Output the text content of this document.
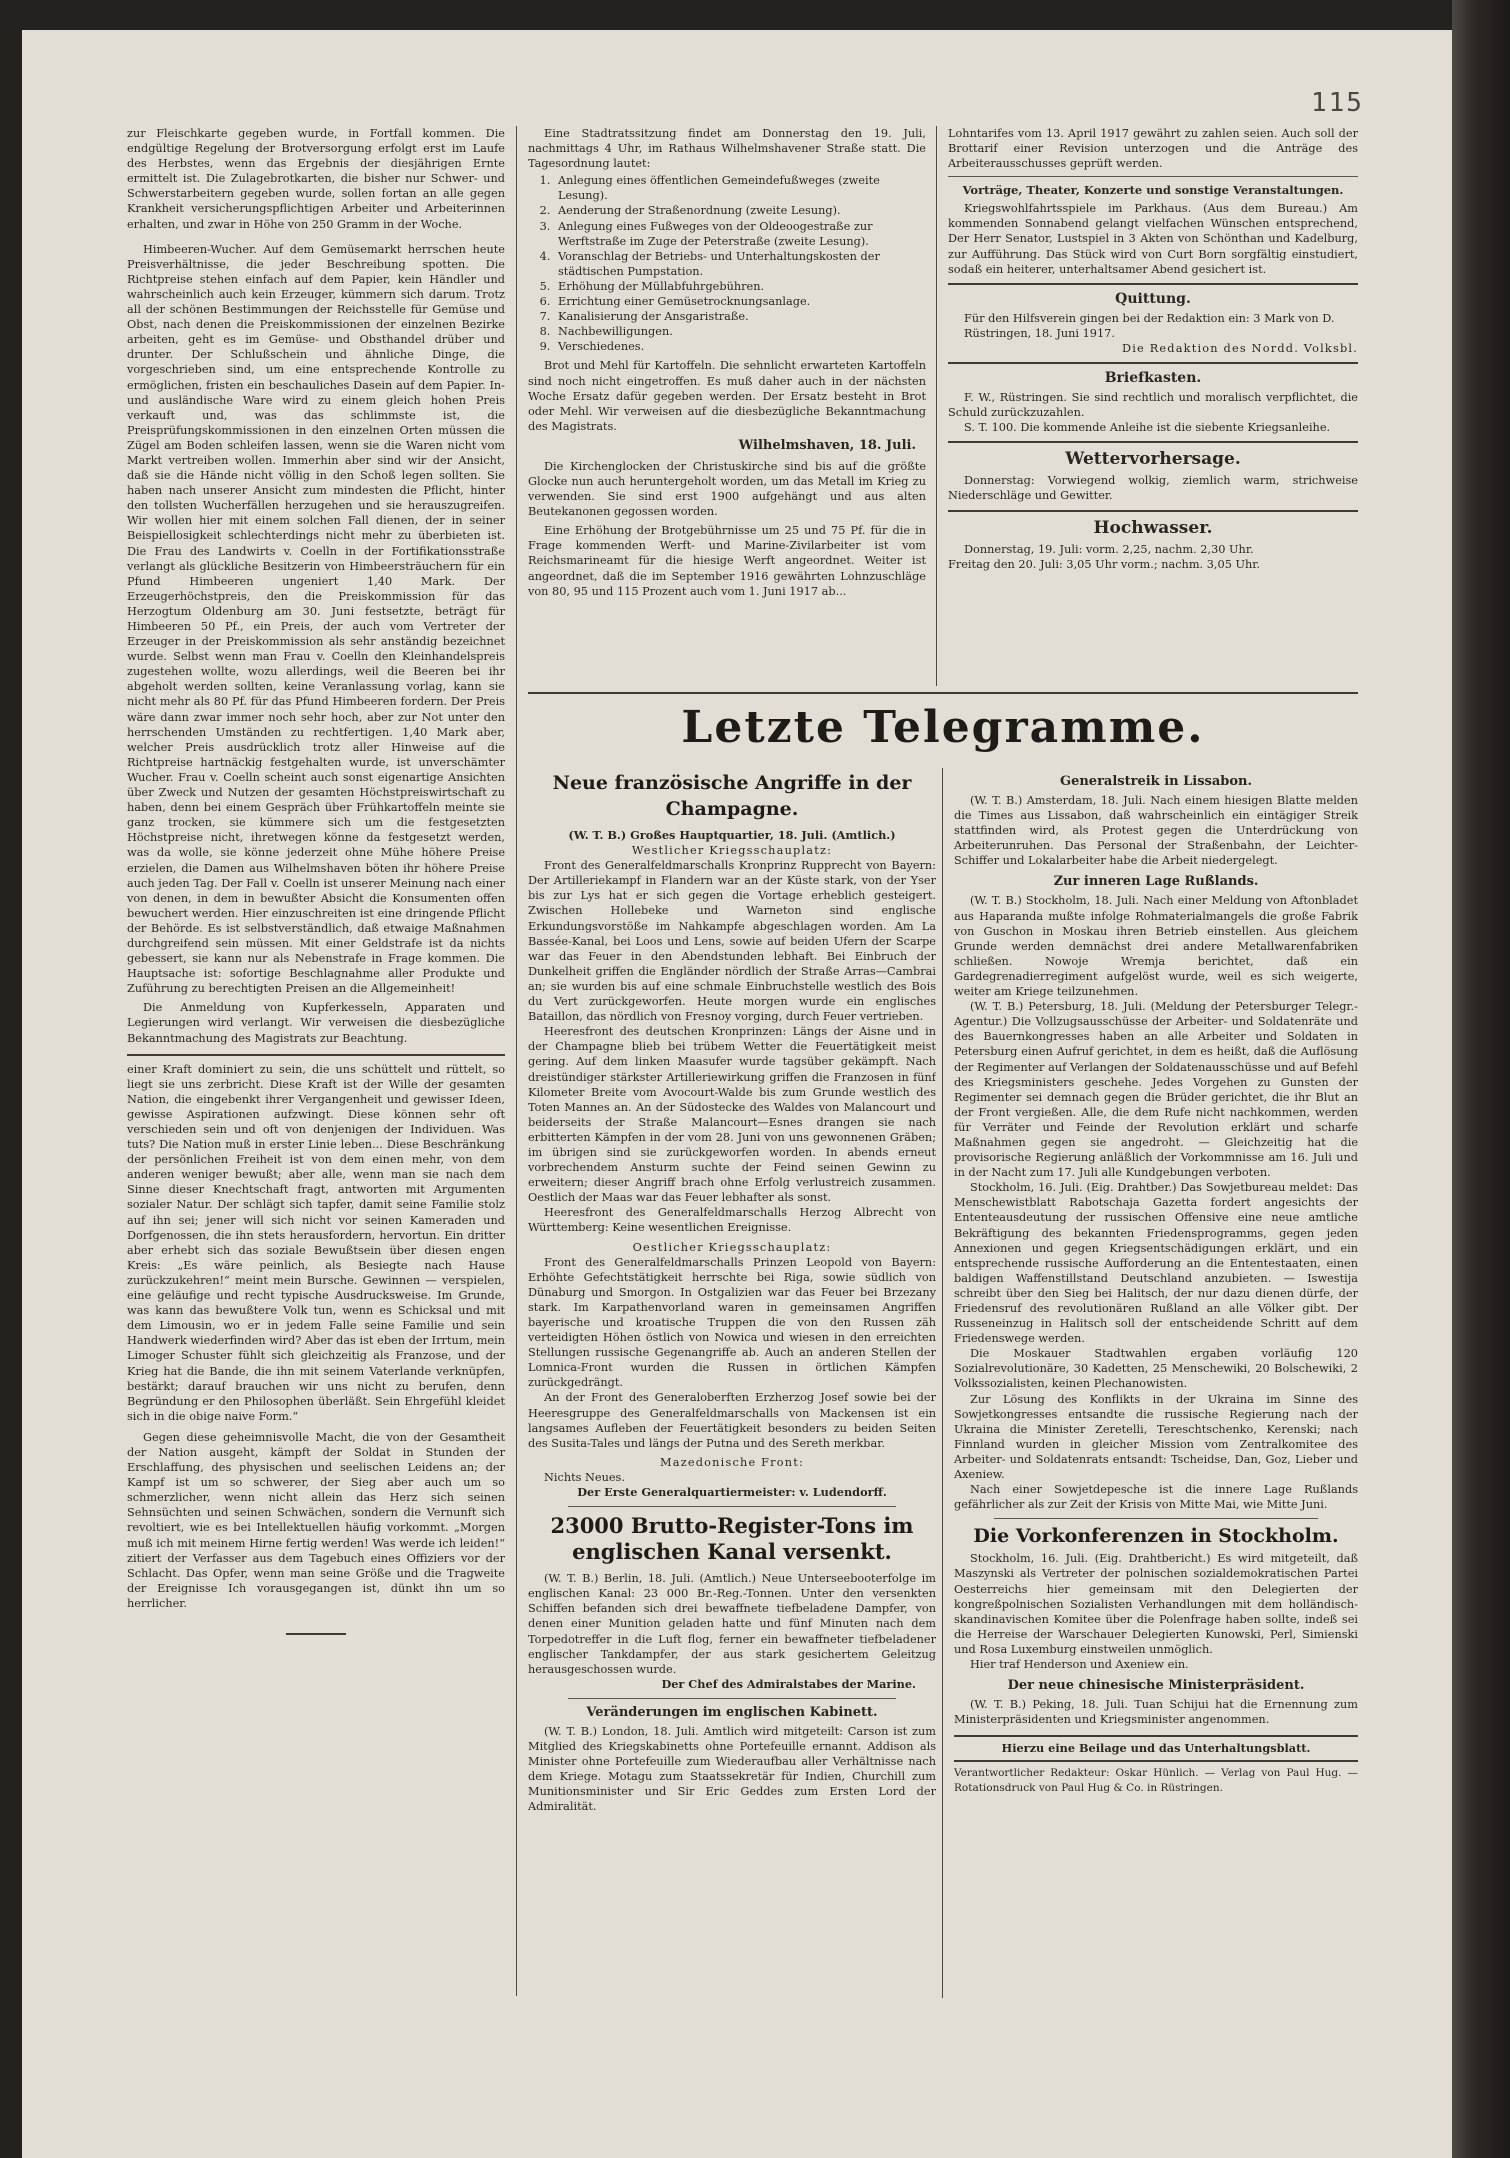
115

zur Fleischkarte gegeben wurde, in Fortfall kommen. Die endgültige Regelung der Brotversorgung erfolgt erst im Laufe des Herbstes, wenn das Ergebnis der diesjährigen Ernte ermittelt ist. Die Zulagebrotkarten, die bisher nur Schwer- und Schwerstarbeitern gegeben wurde, sollen fortan an alle gegen Krankheit versicherungspflichtigen Arbeiter und Arbeiterinnen erhalten, und zwar in Höhe von 250 Gramm in der Woche.

Himbeeren-Wucher. Auf dem Gemüsemarkt herrschen heute Preisverhältnisse, die jeder Beschreibung spotten. Die Richtpreise stehen einfach auf dem Papier, kein Händler und wahrscheinlich auch kein Erzeuger, kümmern sich darum. Trotz all der schönen Bestimmungen der Reichsstelle für Gemüse und Obst, nach denen die Preiskommissionen der einzelnen Bezirke arbeiten, geht es im Gemüse- und Obsthandel drüber und drunter. Der Schlußschein und ähnliche Dinge, die vorgeschrieben sind, um eine entsprechende Kontrolle zu ermöglichen, fristen ein beschauliches Dasein auf dem Papier. In- und ausländische Ware wird zu einem gleich hohen Preis verkauft und, was das schlimmste ist, die Preisprüfungskommissionen in den einzelnen Orten müssen die Zügel am Boden schleifen lassen, wenn sie die Waren nicht vom Markt vertreiben wollen. Immerhin aber sind wir der Ansicht, daß sie die Hände nicht völlig in den Schoß legen sollten. Sie haben nach unserer Ansicht zum mindesten die Pflicht, hinter den tollsten Wucherfällen herzugehen und sie herauszugreifen. Wir wollen hier mit einem solchen Fall dienen, der in seiner Beispiellosigkeit schlechterdings nicht mehr zu überbieten ist. Die Frau des Landwirts v. Coelln in der Fortifikationsstraße verlangt als glückliche Besitzerin von Himbeersträuchern für ein Pfund Himbeeren ungeniert 1,40 Mark. Der Erzeugerhöchstpreis, den die Preiskommission für das Herzogtum Oldenburg am 30. Juni festsetzte, beträgt für Himbeeren 50 Pf., ein Preis, der auch vom Vertreter der Erzeuger in der Preiskommission als sehr anständig bezeichnet wurde. Selbst wenn man Frau v. Coelln den Kleinhandelspreis zugestehen wollte, wozu allerdings, weil die Beeren bei ihr abgeholt werden sollten, keine Veranlassung vorlag, kann sie nicht mehr als 80 Pf. für das Pfund Himbeeren fordern. Der Preis wäre dann zwar immer noch sehr hoch, aber zur Not unter den herrschenden Umständen zu rechtfertigen. 1,40 Mark aber, welcher Preis ausdrücklich trotz aller Hinweise auf die Richtpreise hartnäckig festgehalten wurde, ist unverschämter Wucher. Frau v. Coelln scheint auch sonst eigenartige Ansichten über Zweck und Nutzen der gesamten Höchstpreiswirtschaft zu haben, denn bei einem Gespräch über Frühkartoffeln meinte sie ganz trocken, sie kümmere sich um die festgesetzten Höchstpreise nicht, ihretwegen könne da festgesetzt werden, was da wolle, sie könne jederzeit ohne Mühe höhere Preise erzielen, die Damen aus Wilhelmshaven böten ihr höhere Preise auch jeden Tag. Der Fall v. Coelln ist unserer Meinung nach einer von denen, in dem in bewußter Absicht die Konsumenten offen bewuchert werden. Hier einzuschreiten ist eine dringende Pflicht der Behörde. Es ist selbstverständlich, daß etwaige Maßnahmen durchgreifend sein müssen. Mit einer Geldstrafe ist da nichts gebessert, sie kann nur als Nebenstrafe in Frage kommen. Die Hauptsache ist: sofortige Beschlagnahme aller Produkte und Zuführung zu berechtigten Preisen an die Allgemeinheit!

Die Anmeldung von Kupferkesseln, Apparaten und Legierungen wird verlangt. Wir verweisen die diesbezügliche Bekanntmachung des Magistrats zur Beachtung.

einer Kraft dominiert zu sein, die uns schüttelt und rüttelt, so liegt sie uns zerbricht. Diese Kraft ist der Wille der gesamten Nation, die eingebenkt ihrer Vergangenheit und gewisser Ideen, gewisse Aspirationen aufzwingt. Diese können sehr oft verschieden sein und oft von denjenigen der Individuen. Was tuts? Die Nation muß in erster Linie leben... Diese Beschränkung der persönlichen Freiheit ist von dem einen mehr, von dem anderen weniger bewußt; aber alle, wenn man sie nach dem Sinne dieser Knechtschaft fragt, antworten mit Argumenten sozialer Natur. Der schlägt sich tapfer, damit seine Familie stolz auf ihn sei; jener will sich nicht vor seinen Kameraden und Dorfgenossen, die ihn stets herausfordern, hervortun. Ein dritter aber erhebt sich das soziale Bewußtsein über diesen engen Kreis: „Es wäre peinlich, als Besiegte nach Hause zurückzukehren!“ meint mein Bursche. Gewinnen — verspielen, eine geläufige und recht typische Ausdrucksweise. Im Grunde, was kann das bewußtere Volk tun, wenn es Schicksal und mit dem Limousin, wo er in jedem Falle seine Familie und sein Handwerk wiederfinden wird? Aber das ist eben der Irrtum, mein Limoger Schuster fühlt sich gleichzeitig als Franzose, und der Krieg hat die Bande, die ihn mit seinem Vaterlande verknüpfen, bestärkt; darauf brauchen wir uns nicht zu berufen, denn Begründung er den Philosophen überläßt. Sein Ehrgefühl kleidet sich in die obige naive Form.“

Gegen diese geheimnisvolle Macht, die von der Gesamtheit der Nation ausgeht, kämpft der Soldat in Stunden der Erschlaffung, des physischen und seelischen Leidens an; der Kampf ist um so schwerer, der Sieg aber auch um so schmerzlicher, wenn nicht allein das Herz sich seinen Sehnsüchten und seinen Schwächen, sondern die Vernunft sich revoltiert, wie es bei Intellektuellen häufig vorkommt. „Morgen muß ich mit meinem Hirne fertig werden! Was werde ich leiden!“ zitiert der Verfasser aus dem Tagebuch eines Offiziers vor der Schlacht. Das Opfer, wenn man seine Größe und die Tragweite der Ereignisse Ich vorausgegangen ist, dünkt ihn um so herrlicher.

Eine Stadtratssitzung findet am Donnerstag den 19. Juli, nachmittags 4 Uhr, im Rathaus Wilhelmshavener Straße statt. Die Tagesordnung lautet:

1. Anlegung eines öffentlichen Gemeindefußweges (zweite Lesung).
2. Aenderung der Straßenordnung (zweite Lesung).
3. Anlegung eines Fußweges von der Oldeoogestraße zur Werftstraße im Zuge der Peterstraße (zweite Lesung).
4. Voranschlag der Betriebs- und Unterhaltungskosten der städtischen Pumpstation.
5. Erhöhung der Müllabfuhrgebühren.
6. Errichtung einer Gemüsetrocknungsanlage.
7. Kanalisierung der Ansgaristraße.
8. Nachbewilligungen.
9. Verschiedenes.

Brot und Mehl für Kartoffeln. Die sehnlicht erwarteten Kartoffeln sind noch nicht eingetroffen. Es muß daher auch in der nächsten Woche Ersatz dafür gegeben werden. Der Ersatz besteht in Brot oder Mehl. Wir verweisen auf die diesbezügliche Bekanntmachung des Magistrats.

Wilhelmshaven, 18. Juli.

Die Kirchenglocken der Christuskirche sind bis auf die größte Glocke nun auch heruntergeholt worden, um das Metall im Krieg zu verwenden. Sie sind erst 1900 aufgehängt und aus alten Beutekanonen gegossen worden.

Eine Erhöhung der Brotgebührnisse um 25 und 75 Pf. für die in Frage kommenden Werft- und Marine-Zivilarbeiter ist vom Reichsmarineamt für die hiesige Werft angeordnet. Weiter ist angeordnet, daß die im September 1916 gewährten Lohnzuschläge von 80, 95 und 115 Prozent auch vom 1. Juni 1917 ab...

Lohntarifes vom 13. April 1917 gewährt zu zahlen seien. Auch soll der Brottarif einer Revision unterzogen und die Anträge des Arbeiterausschusses geprüft werden.

Vorträge, Theater, Konzerte und sonstige Veranstaltungen.

Kriegswohlfahrtsspiele im Parkhaus. (Aus dem Bureau.) Am kommenden Sonnabend gelangt vielfachen Wünschen entsprechend, Der Herr Senator, Lustspiel in 3 Akten von Schönthan und Kadelburg, zur Aufführung. Das Stück wird von Curt Born sorgfältig einstudiert, sodaß ein heiterer, unterhaltsamer Abend gesichert ist.

Quittung.

Für den Hilfsverein gingen bei der Redaktion ein: 3 Mark von D.

Rüstringen, 18. Juni 1917.

Die Redaktion des Nordd. Volksbl.

Briefkasten.

F. W., Rüstringen. Sie sind rechtlich und moralisch verpflichtet, die Schuld zurückzuzahlen.

S. T. 100. Die kommende Anleihe ist die siebente Kriegsanleihe.

Wettervorhersage.

Donnerstag: Vorwiegend wolkig, ziemlich warm, strichweise Niederschläge und Gewitter.

Hochwasser.

Donnerstag, 19. Juli: vorm. 2,25, nachm. 2,30 Uhr.

Freitag den 20. Juli: 3,05 Uhr vorm.; nachm. 3,05 Uhr.

Letzte Telegramme.

Neue französische Angriffe in der Champagne.

(W. T. B.) Großes Hauptquartier, 18. Juli. (Amtlich.)

Westlicher Kriegsschauplatz:

Front des Generalfeldmarschalls Kronprinz Rupprecht von Bayern: Der Artilleriekampf in Flandern war an der Küste stark, von der Yser bis zur Lys hat er sich gegen die Vortage erheblich gesteigert. Zwischen Hollebeke und Warneton sind englische Erkundungsvorstöße im Nahkampfe abgeschlagen worden. Am La Bassée-Kanal, bei Loos und Lens, sowie auf beiden Ufern der Scarpe war das Feuer in den Abendstunden lebhaft. Bei Einbruch der Dunkelheit griffen die Engländer nördlich der Straße Arras—Cambrai an; sie wurden bis auf eine schmale Einbruchstelle westlich des Bois du Vert zurückgeworfen. Heute morgen wurde ein englisches Bataillon, das nördlich von Fresnoy vorging, durch Feuer vertrieben.

Heeresfront des deutschen Kronprinzen: Längs der Aisne und in der Champagne blieb bei trübem Wetter die Feuertätigkeit meist gering. Auf dem linken Maasufer wurde tagsüber gekämpft. Nach dreistündiger stärkster Artilleriewirkung griffen die Franzosen in fünf Kilometer Breite vom Avocourt-Walde bis zum Grunde westlich des Toten Mannes an. An der Südostecke des Waldes von Malancourt und beiderseits der Straße Malancourt—Esnes drangen sie nach erbitterten Kämpfen in der vom 28. Juni von uns gewonnenen Gräben; im übrigen sind sie zurückgeworfen worden. In abends erneut vorbrechendem Ansturm suchte der Feind seinen Gewinn zu erweitern; dieser Angriff brach ohne Erfolg verlustreich zusammen. Oestlich der Maas war das Feuer lebhafter als sonst.

Heeresfront des Generalfeldmarschalls Herzog Albrecht von Württemberg: Keine wesentlichen Ereignisse.

Oestlicher Kriegsschauplatz:

Front des Generalfeldmarschalls Prinzen Leopold von Bayern: Erhöhte Gefechtstätigkeit herrschte bei Riga, sowie südlich von Dünaburg und Smorgon. In Ostgalizien war das Feuer bei Brzezany stark. Im Karpathenvorland waren in gemeinsamen Angriffen bayerische und kroatische Truppen die von den Russen zäh verteidigten Höhen östlich von Nowica und wiesen in den erreichten Stellungen russische Gegenangriffe ab. Auch an anderen Stellen der Lomnica-Front wurden die Russen in örtlichen Kämpfen zurückgedrängt.

An der Front des Generaloberften Erzherzog Josef sowie bei der Heeresgruppe des Generalfeldmarschalls von Mackensen ist ein langsames Aufleben der Feuertätigkeit besonders zu beiden Seiten des Susita-Tales und längs der Putna und des Sereth merkbar.

Mazedonische Front:

Nichts Neues.

Der Erste Generalquartiermeister: v. Ludendorff.

23000 Brutto-Register-Tons im englischen Kanal versenkt.

(W. T. B.) Berlin, 18. Juli. (Amtlich.) Neue Unterseebooterfolge im englischen Kanal: 23 000 Br.-Reg.-Tonnen. Unter den versenkten Schiffen befanden sich drei bewaffnete tiefbeladene Dampfer, von denen einer Munition geladen hatte und fünf Minuten nach dem Torpedotreffer in die Luft flog, ferner ein bewaffneter tiefbeladener englischer Tankdampfer, der aus stark gesichertem Geleitzug herausgeschossen wurde.

Der Chef des Admiralstabes der Marine.

Veränderungen im englischen Kabinett.

(W. T. B.) London, 18. Juli. Amtlich wird mitgeteilt: Carson ist zum Mitglied des Kriegskabinetts ohne Portefeuille ernannt. Addison als Minister ohne Portefeuille zum Wiederaufbau aller Verhältnisse nach dem Kriege. Motagu zum Staatssekretär für Indien, Churchill zum Munitionsminister und Sir Eric Geddes zum Ersten Lord der Admiralität.

Generalstreik in Lissabon.

(W. T. B.) Amsterdam, 18. Juli. Nach einem hiesigen Blatte melden die Times aus Lissabon, daß wahrscheinlich ein eintägiger Streik stattfinden wird, als Protest gegen die Unterdrückung von Arbeiterunruhen. Das Personal der Straßenbahn, der Leichter-Schiffer und Lokalarbeiter habe die Arbeit niedergelegt.

Zur inneren Lage Rußlands.

(W. T. B.) Stockholm, 18. Juli. Nach einer Meldung von Aftonbladet aus Haparanda mußte infolge Rohmaterialmangels die große Fabrik von Guschon in Moskau ihren Betrieb einstellen. Aus gleichem Grunde werden demnächst drei andere Metallwarenfabriken schließen. Nowoje Wremja berichtet, daß ein Gardegrenadierregiment aufgelöst wurde, weil es sich weigerte, weiter am Kriege teilzunehmen.

(W. T. B.) Petersburg, 18. Juli. (Meldung der Petersburger Telegr.-Agentur.) Die Vollzugsausschüsse der Arbeiter- und Soldatenräte und des Bauernkongresses haben an alle Arbeiter und Soldaten in Petersburg einen Aufruf gerichtet, in dem es heißt, daß die Auflösung der Regimenter auf Verlangen der Soldatenausschüsse und auf Befehl des Kriegsministers geschehe. Jedes Vorgehen zu Gunsten der Regimenter sei demnach gegen die Brüder gerichtet, die ihr Blut an der Front vergießen. Alle, die dem Rufe nicht nachkommen, werden für Verräter und Feinde der Revolution erklärt und scharfe Maßnahmen gegen sie angedroht. — Gleichzeitig hat die provisorische Regierung anläßlich der Vorkommnisse am 16. Juli und in der Nacht zum 17. Juli alle Kundgebungen verboten.

Stockholm, 16. Juli. (Eig. Drahtber.) Das Sowjetbureau meldet: Das Menschewistblatt Rabotschaja Gazetta fordert angesichts der Ententeausdeutung der russischen Offensive eine neue amtliche Bekräftigung des bekannten Friedensprogramms, gegen jeden Annexionen und gegen Kriegsentschädigungen erklärt, und ein entsprechende russische Aufforderung an die Ententestaaten, einen baldigen Waffenstillstand Deutschland anzubieten. — Iswestija schreibt über den Sieg bei Halitsch, der nur dazu dienen dürfe, der Friedensruf des revolutionären Rußland an alle Völker gibt. Der Russeneinzug in Halitsch soll der entscheidende Schritt auf dem Friedenswege werden.

Die Moskauer Stadtwahlen ergaben vorläufig 120 Sozialrevolutionäre, 30 Kadetten, 25 Menschewiki, 20 Bolschewiki, 2 Volkssozialisten, keinen Plechanowisten.

Zur Lösung des Konflikts in der Ukraina im Sinne des Sowjetkongresses entsandte die russische Regierung nach der Ukraina die Minister Zeretelli, Tereschtschenko, Kerenski; nach Finnland wurden in gleicher Mission vom Zentralkomitee des Arbeiter- und Soldatenrats entsandt: Tscheidse, Dan, Goz, Lieber und Axeniew.

Nach einer Sowjetdepesche ist die innere Lage Rußlands gefährlicher als zur Zeit der Krisis von Mitte Mai, wie Mitte Juni.

Die Vorkonferenzen in Stockholm.

Stockholm, 16. Juli. (Eig. Drahtbericht.) Es wird mitgeteilt, daß Maszynski als Vertreter der polnischen sozialdemokratischen Partei Oesterreichs hier gemeinsam mit den Delegierten der kongreßpolnischen Sozialisten Verhandlungen mit dem holländisch-skandinavischen Komitee über die Polenfrage haben sollte, indeß sei die Herreise der Warschauer Delegierten Kunowski, Perl, Simienski und Rosa Luxemburg einstweilen unmöglich.

Hier traf Henderson und Axeniew ein.

Der neue chinesische Ministerpräsident.

(W. T. B.) Peking, 18. Juli. Tuan Schijui hat die Ernennung zum Ministerpräsidenten und Kriegsminister angenommen.

Hierzu eine Beilage und das Unterhaltungsblatt.

Verantwortlicher Redakteur: Oskar Hünlich. — Verlag von Paul Hug. — Rotationsdruck von Paul Hug & Co. in Rüstringen.
